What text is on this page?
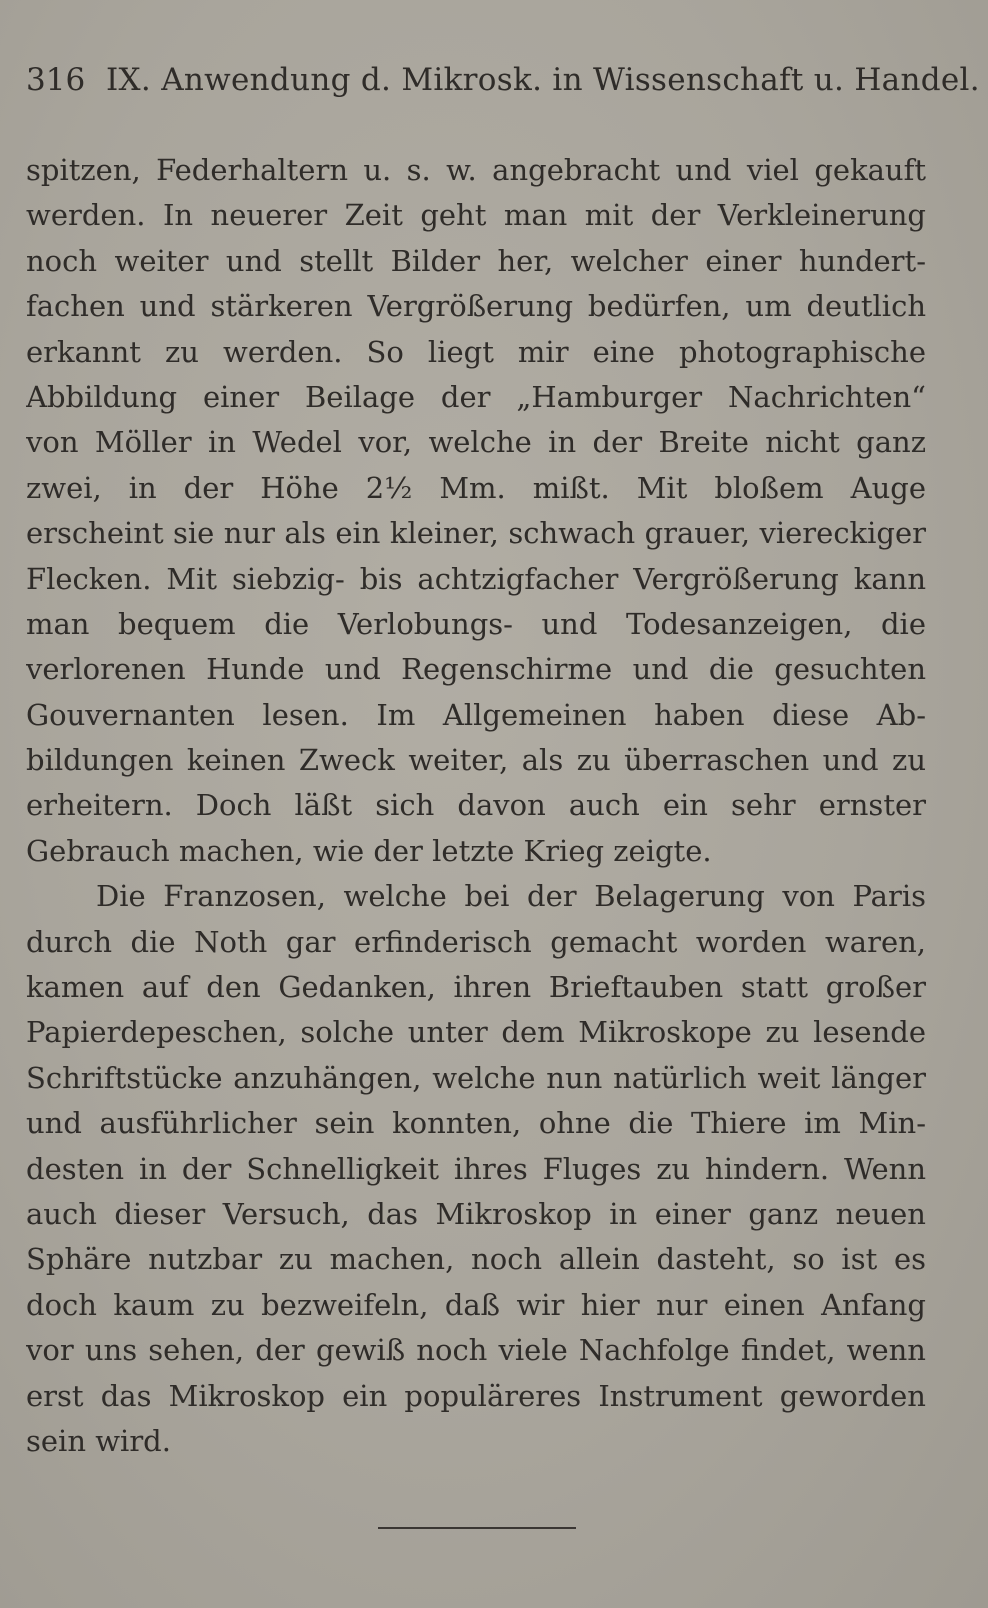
316 IX. Anwendung d. Mikrosk. in Wissenschaft u. Handel.
spitzen, Federhaltern u. s. w. angebracht und viel gekauft
werden. In neuerer Zeit geht man mit der Verkleinerung
noch weiter und stellt Bilder her, welcher einer hundert-
fachen und stärkeren Vergrößerung bedürfen, um deutlich
erkannt zu werden. So liegt mir eine photographische
Abbildung einer Beilage der „Hamburger Nachrichten“
von Möller in Wedel vor, welche in der Breite nicht ganz
zwei, in der Höhe 2½ Mm. mißt. Mit bloßem Auge
erscheint sie nur als ein kleiner, schwach grauer, viereckiger
Flecken. Mit siebzig- bis achtzigfacher Vergrößerung kann
man bequem die Verlobungs- und Todesanzeigen, die
verlorenen Hunde und Regenschirme und die gesuchten
Gouvernanten lesen. Im Allgemeinen haben diese Ab-
bildungen keinen Zweck weiter, als zu überraschen und zu
erheitern. Doch läßt sich davon auch ein sehr ernster
Gebrauch machen, wie der letzte Krieg zeigte.
Die Franzosen, welche bei der Belagerung von Paris
durch die Noth gar erfinderisch gemacht worden waren,
kamen auf den Gedanken, ihren Brieftauben statt großer
Papierdepeschen, solche unter dem Mikroskope zu lesende
Schriftstücke anzuhängen, welche nun natürlich weit länger
und ausführlicher sein konnten, ohne die Thiere im Min-
desten in der Schnelligkeit ihres Fluges zu hindern. Wenn
auch dieser Versuch, das Mikroskop in einer ganz neuen
Sphäre nutzbar zu machen, noch allein dasteht, so ist es
doch kaum zu bezweifeln, daß wir hier nur einen Anfang
vor uns sehen, der gewiß noch viele Nachfolge findet, wenn
erst das Mikroskop ein populäreres Instrument geworden
sein wird.
